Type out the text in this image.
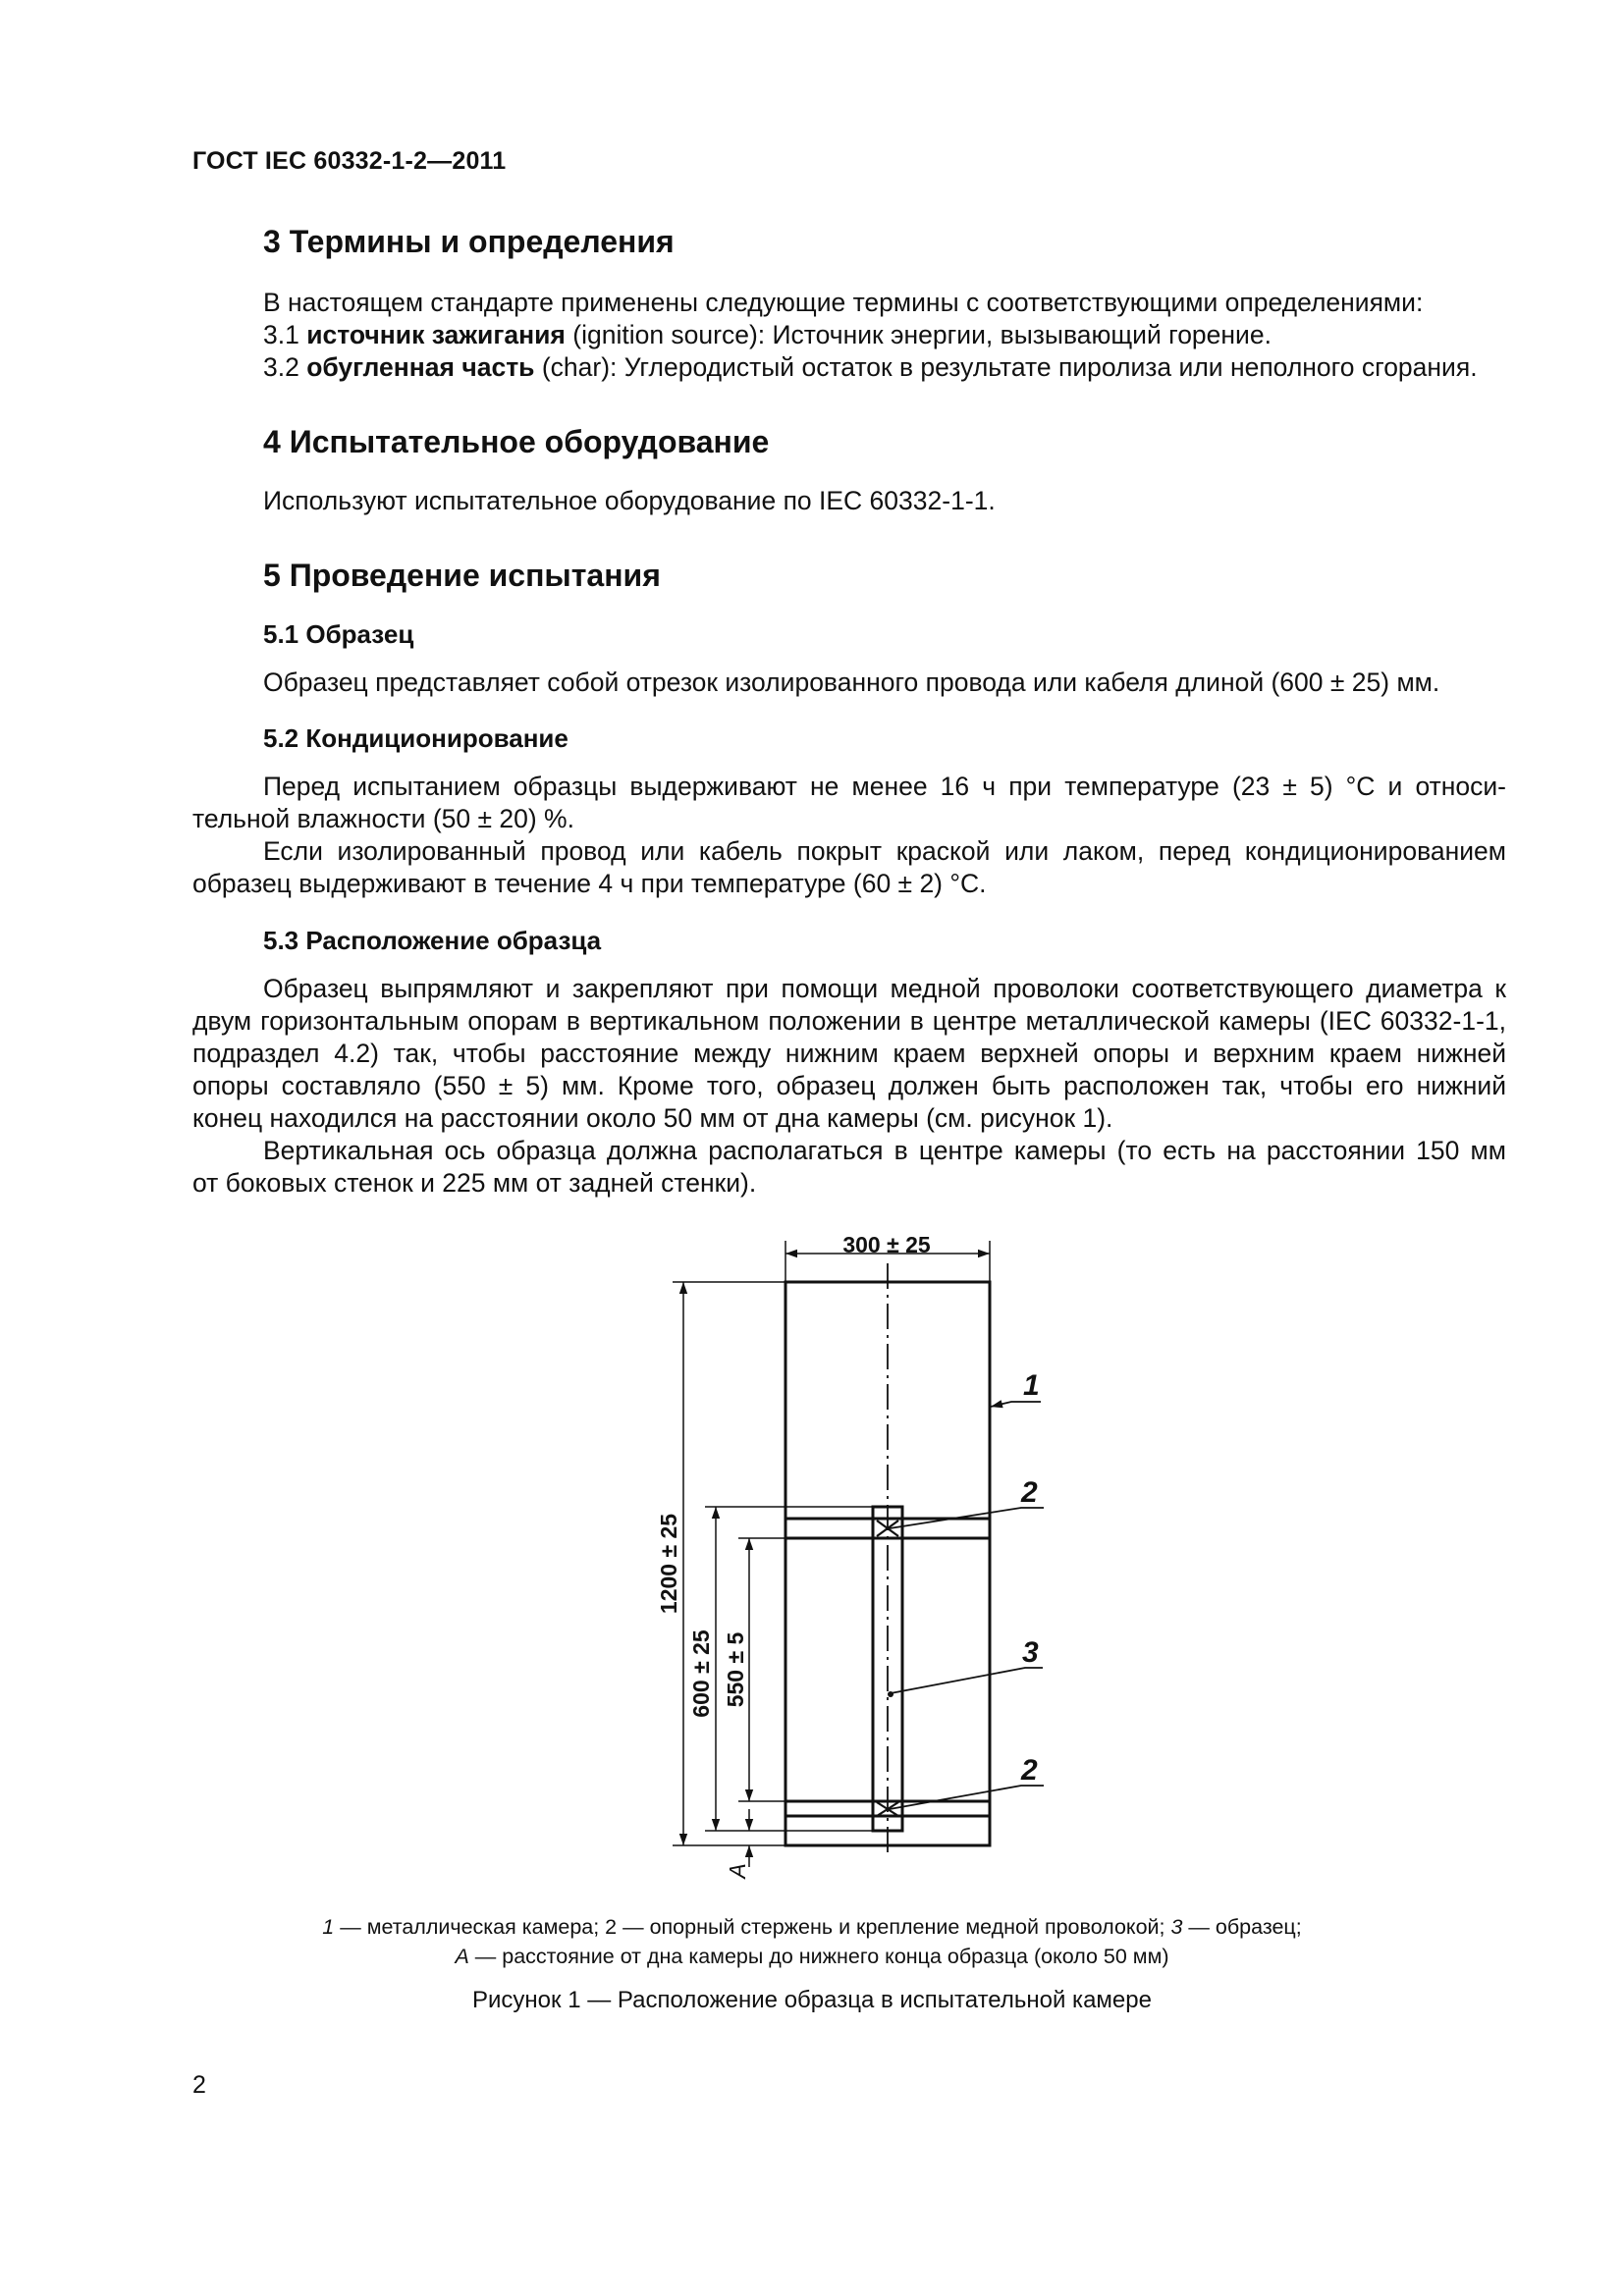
ГОСТ IEC 60332-1-2—2011
3 Термины и определения
В настоящем стандарте применены следующие термины с соответствующими определениями:
3.1 источник зажигания (ignition source): Источник энергии, вызывающий горение.
3.2 обугленная часть (char): Углеродистый остаток в результате пиролиза или неполного сгорания.
4 Испытательное оборудование
Используют испытательное оборудование по IEC 60332-1-1.
5 Проведение испытания
5.1 Образец
Образец представляет собой отрезок изолированного провода или кабеля длиной (600 ± 25) мм.
5.2 Кондиционирование
Перед испытанием образцы выдерживают не менее 16 ч при температуре (23 ± 5) °С и относи-
тельной влажности (50 ± 20) %.
Если изолированный провод или кабель покрыт краской или лаком, перед кондиционированием
образец выдерживают в течение 4 ч при температуре (60 ± 2) °С.
5.3 Расположение образца
Образец выпрямляют и закрепляют при помощи медной проволоки соответствующего диаметра к
двум горизонтальным опорам в вертикальном положении в центре металлической камеры (IEC 60332-1-1,
подраздел 4.2) так, чтобы расстояние между нижним краем верхней опоры и верхним краем нижней
опоры составляло (550 ± 5) мм. Кроме того, образец должен быть расположен так, чтобы его нижний
конец находился на расстоянии около 50 мм от дна камеры (см. рисунок 1).
Вертикальная ось образца должна располагаться в центре камеры (то есть на расстоянии 150 мм
от боковых стенок и 225 мм от задней стенки).
300 ± 25
1200 ± 25
600 ± 25 550 ± 5
A
1
2
3
2
1 — металлическая камера; 2 — опорный стержень и крепление медной проволокой; 3 — образец;
A — расстояние от дна камеры до нижнего конца образца (около 50 мм)
Рисунок 1 — Расположение образца в испытательной камере
2
